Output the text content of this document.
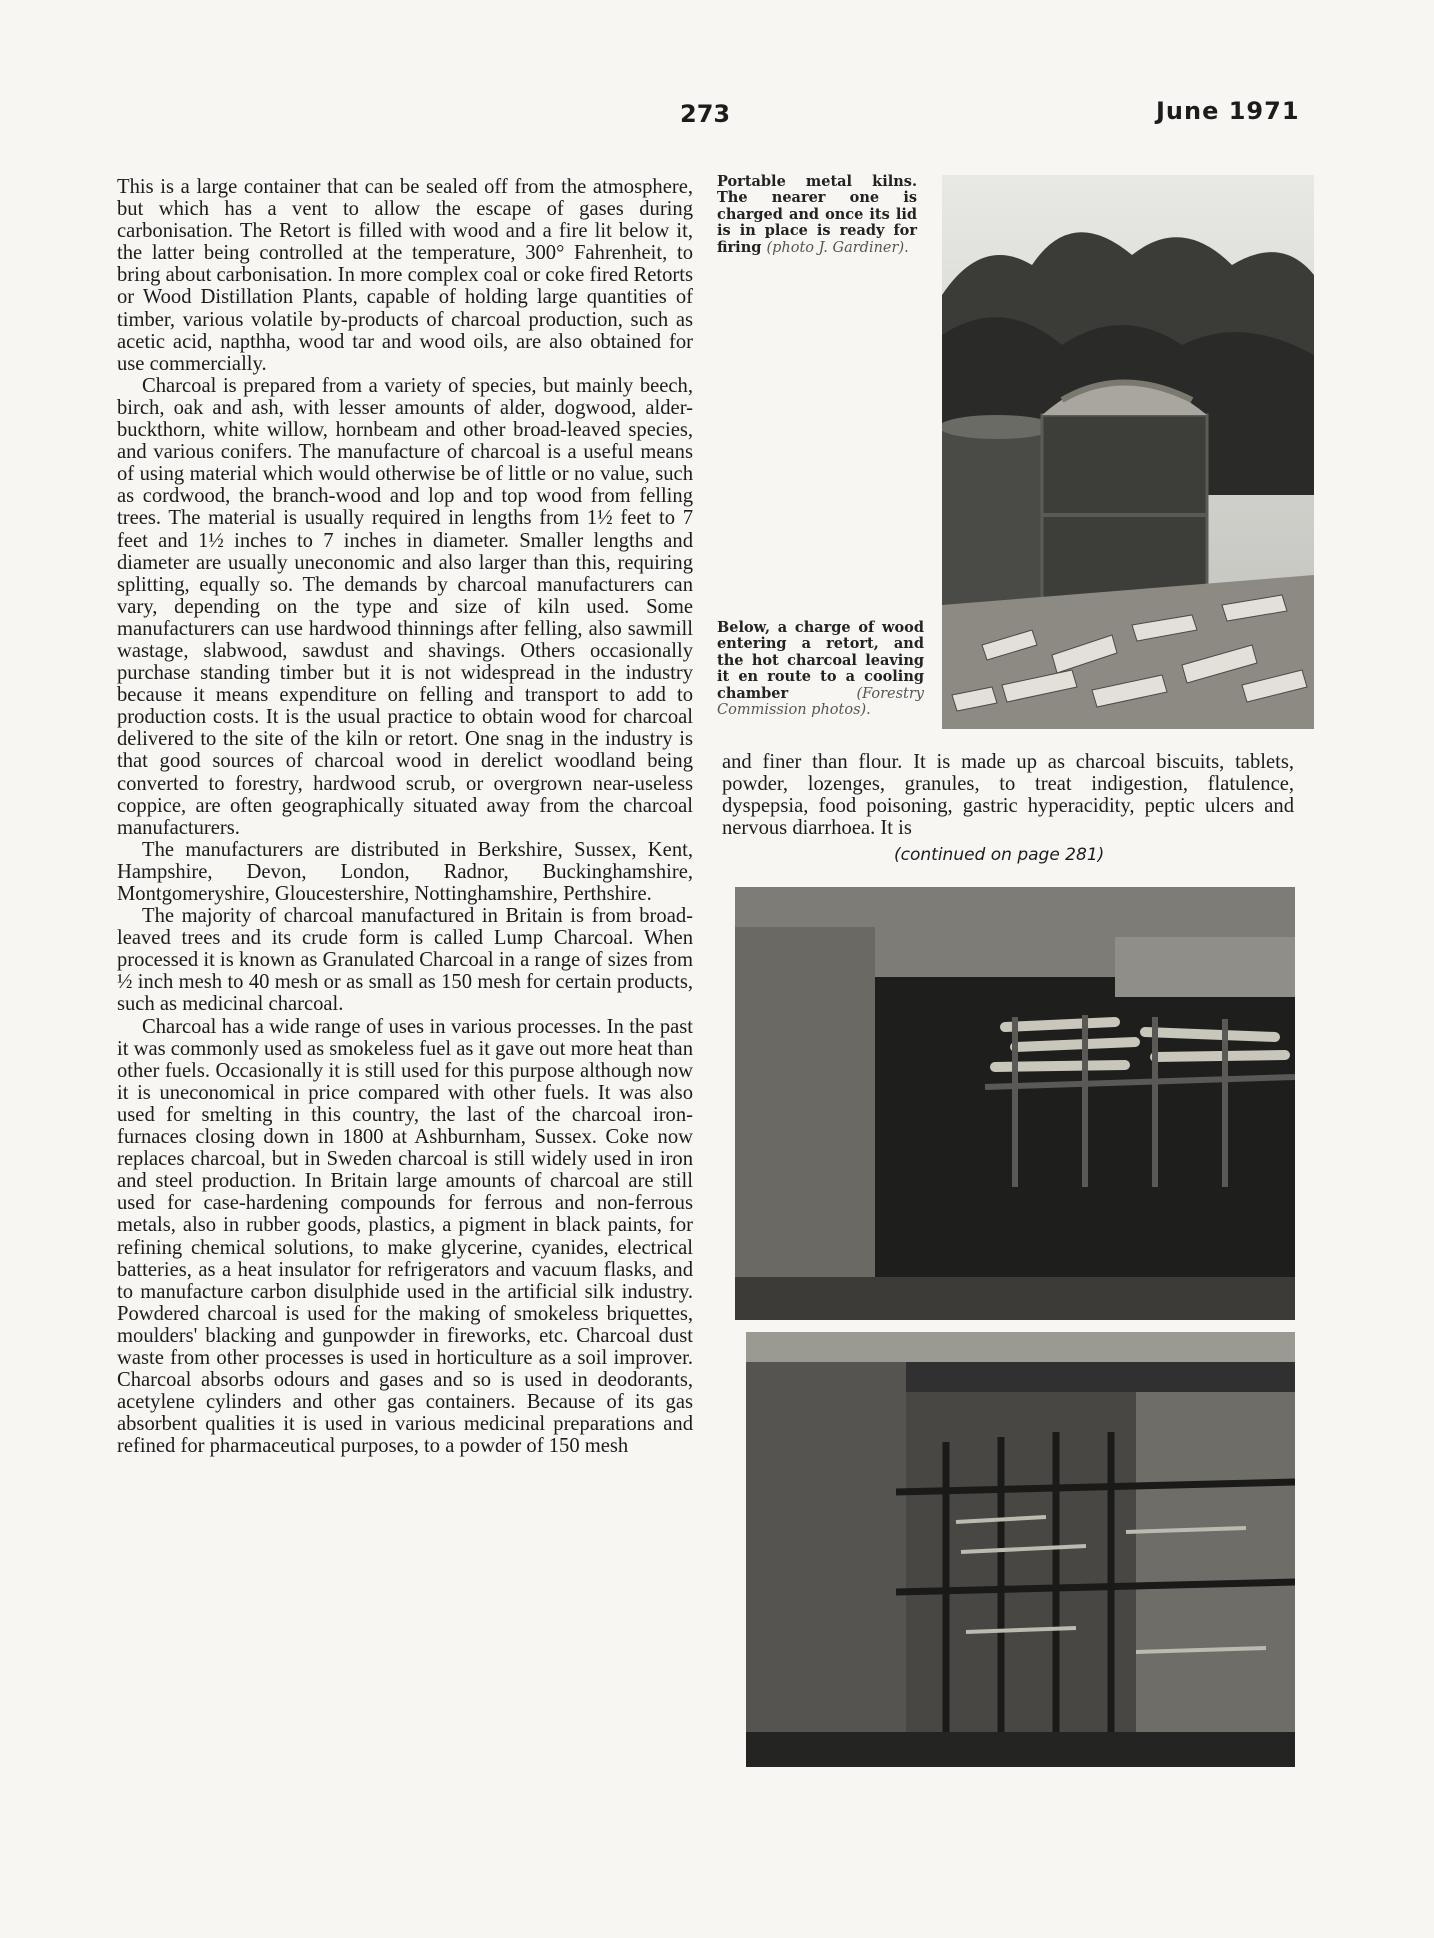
273	June 1971

This is a large container that can be sealed off from the atmosphere, but which has a vent to allow the escape of gases during carbonisation. The Retort is filled with wood and a fire lit below it, the latter being controlled at the temperature, 300° Fahrenheit, to bring about carbonisation. In more complex coal or coke fired Retorts or Wood Distillation Plants, capable of holding large quantities of timber, various volatile by-products of charcoal production, such as acetic acid, napthha, wood tar and wood oils, are also obtained for use commercially.

Charcoal is prepared from a variety of species, but mainly beech, birch, oak and ash, with lesser amounts of alder, dogwood, alder-buckthorn, white willow, hornbeam and other broad-leaved species, and various conifers. The manufacture of charcoal is a useful means of using material which would otherwise be of little or no value, such as cordwood, the branch-wood and lop and top wood from felling trees. The material is usually required in lengths from 1½ feet to 7 feet and 1½ inches to 7 inches in diameter. Smaller lengths and diameter are usually uneconomic and also larger than this, requiring splitting, equally so. The demands by charcoal manufacturers can vary, depending on the type and size of kiln used. Some manufacturers can use hardwood thinnings after felling, also sawmill wastage, slabwood, sawdust and shavings. Others occasionally purchase standing timber but it is not widespread in the industry because it means expenditure on felling and transport to add to production costs. It is the usual practice to obtain wood for charcoal delivered to the site of the kiln or retort. One snag in the industry is that good sources of charcoal wood in derelict woodland being converted to forestry, hardwood scrub, or overgrown near-useless coppice, are often geographically situated away from the charcoal manufacturers.

The manufacturers are distributed in Berkshire, Sussex, Kent, Hampshire, Devon, London, Radnor, Buckinghamshire, Montgomeryshire, Gloucestershire, Nottinghamshire, Perthshire.

The majority of charcoal manufactured in Britain is from broad-leaved trees and its crude form is called Lump Charcoal. When processed it is known as Granulated Charcoal in a range of sizes from ½ inch mesh to 40 mesh or as small as 150 mesh for certain products, such as medicinal charcoal.

Charcoal has a wide range of uses in various processes. In the past it was commonly used as smokeless fuel as it gave out more heat than other fuels. Occasionally it is still used for this purpose although now it is uneconomical in price compared with other fuels. It was also used for smelting in this country, the last of the charcoal iron-furnaces closing down in 1800 at Ashburnham, Sussex. Coke now replaces charcoal, but in Sweden charcoal is still widely used in iron and steel production. In Britain large amounts of charcoal are still used for case-hardening compounds for ferrous and non-ferrous metals, also in rubber goods, plastics, a pigment in black paints, for refining chemical solutions, to make glycerine, cyanides, electrical batteries, as a heat insulator for refrigerators and vacuum flasks, and to manufacture carbon disulphide used in the artificial silk industry. Powdered charcoal is used for the making of smokeless briquettes, moulders' blacking and gunpowder in fireworks, etc. Charcoal dust waste from other processes is used in horticulture as a soil improver. Charcoal absorbs odours and gases and so is used in deodorants, acetylene cylinders and other gas containers. Because of its gas absorbent qualities it is used in various medicinal preparations and refined for pharmaceutical purposes, to a powder of 150 mesh

Portable metal kilns. The nearer one is charged and once its lid is in place is ready for firing (photo J. Gardiner).
Below, a charge of wood entering a retort, and the hot charcoal leaving it en route to a cooling chamber	(Forestry Commission photos).
and finer than flour. It is made up as charcoal biscuits, tablets, powder, lozenges, granules, to treat indigestion, flatulence, dyspepsia, food poisoning, gastric hyperacidity, peptic ulcers and nervous diarrhoea. It is
(continued on page 281)
